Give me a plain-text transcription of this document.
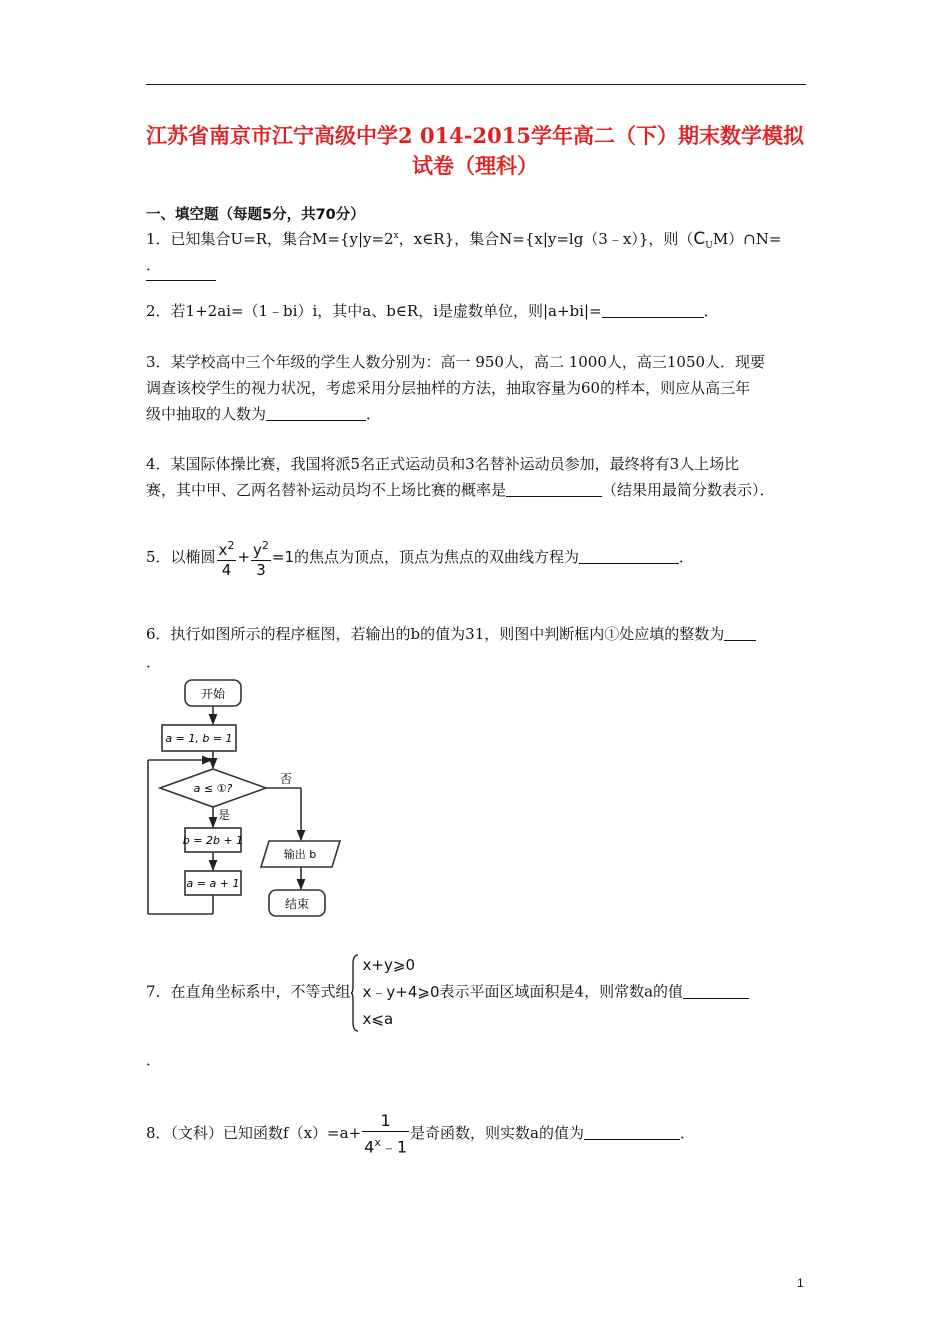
江苏省南京市江宁高级中学2 014-2015学年高二（下）期末数学模拟
试卷（理科）
一、填空题（每题5分，共70分）
1．已知集合U=R，集合$M=\{y|y=2^x$，x∈R}，集合N={x|y=lg（3﹣x）}，则$(C_UM)\cap N=$
．
2．若1+2ai=（1﹣bi）i，其中a、b∈R，i是虚数单位，则|a+bi|=	．
3．某学校高中三个年级的学生人数分别为：高一 950人，高二 1000人，高三1050人．现要
调查该校学生的视力状况，考虑采用分层抽样的方法，抽取容量为60的样本，则应从高三年
级中抽取的人数为	．
4．某国际体操比赛，我国将派5名正式运动员和3名替补运动员参加，最终将有3人上场比
赛，其中甲、乙两名替补运动员均不上场比赛的概率是	（结果用最简分数表示）．
5．以椭圆 $\frac{x^2}{4} + \frac{y^2}{3} =1$的焦点为顶点，顶点为焦点的双曲线方程为	．
6．执行如图所示的程序框图，若输出的b的值为31，则图中判断框内①处应填的整数为
．
开始
a = 1, b = 1
a ≤ ①?
是
否
b = 2b + 1
a = a + 1
输出 b
结束
7．在直角坐标系中，不等式组
x+y⩾0
x﹣y+4⩾0
x⩽a
表示平面区域面积是4，则常数a的值
．
8．（文科）已知函数$f(x)=a+ \frac{1}{4^x﹣1}$ 是奇函数，则实数a的值为	．
1
